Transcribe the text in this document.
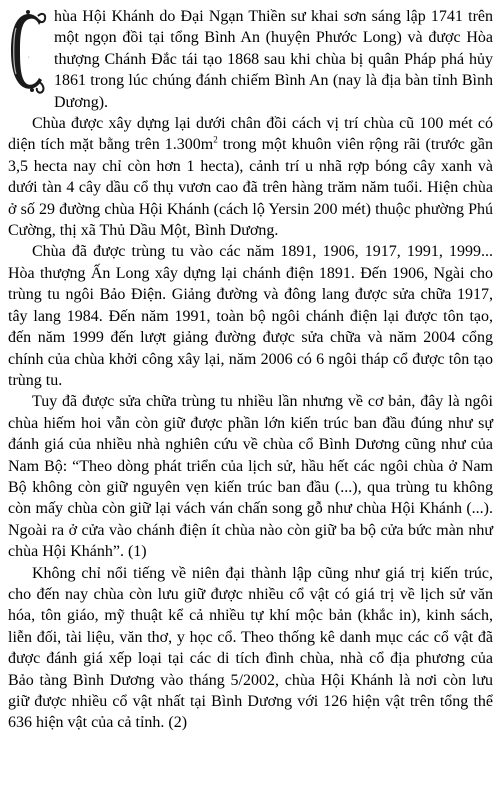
C
hùa Hội Khánh do Đại Ngạn Thiền sư khai sơn sáng lập 1741 trên một ngọn đồi tại tổng Bình An (huyện Phước Long) và được Hòa thượng Chánh Đắc tái tạo 1868 sau khi chùa bị quân Pháp phá hủy 1861 trong lúc chúng đánh chiếm Bình An (nay là địa bàn tỉnh Bình Dương).

Chùa được xây dựng lại dưới chân đồi cách vị trí chùa cũ 100 mét có diện tích mặt bằng trên $1.300m^2$ trong một khuôn viên rộng rãi (trước gần 3,5 hecta nay chỉ còn hơn 1 hecta), cảnh trí u nhã rợp bóng cây xanh và dưới tàn 4 cây dầu cổ thụ vươn cao đã trên hàng trăm năm tuổi. Hiện chùa ở số 29 đường chùa Hội Khánh (cách lộ Yersin 200 mét) thuộc phường Phú Cường, thị xã Thủ Dầu Một, Bình Dương.

Chùa đã được trùng tu vào các năm 1891, 1906, 1917, 1991, 1999... Hòa thượng Ấn Long xây dựng lại chánh điện 1891. Đến 1906, Ngài cho trùng tu ngôi Bảo Điện. Giảng đường và đông lang được sửa chữa 1917, tây lang 1984. Đến năm 1991, toàn bộ ngôi chánh điện lại được tôn tạo, đến năm 1999 đến lượt giảng đường được sửa chữa và năm 2004 cổng chính của chùa khởi công xây lại, năm 2006 có 6 ngôi tháp cổ được tôn tạo trùng tu.

Tuy đã được sửa chữa trùng tu nhiều lần nhưng về cơ bản, đây là ngôi chùa hiếm hoi vẫn còn giữ được phần lớn kiến trúc ban đầu đúng như sự đánh giá của nhiều nhà nghiên cứu về chùa cổ Bình Dương cũng như của Nam Bộ: “Theo dòng phát triển của lịch sử, hầu hết các ngôi chùa ở Nam Bộ không còn giữ nguyên vẹn kiến trúc ban đầu (...), qua trùng tu không còn mấy chùa còn giữ lại vách ván chấn song gỗ như chùa Hội Khánh (...). Ngoài ra ở cửa vào chánh điện ít chùa nào còn giữ ba bộ cửa bức màn như chùa Hội Khánh”. (1)

Không chỉ nổi tiếng về niên đại thành lập cũng như giá trị kiến trúc, cho đến nay chùa còn lưu giữ được nhiều cổ vật có giá trị về lịch sử văn hóa, tôn giáo, mỹ thuật kể cả nhiều tự khí mộc bản (khắc in), kinh sách, liễn đối, tài liệu, văn thơ, y học cổ. Theo thống kê danh mục các cổ vật đã được đánh giá xếp loại tại các di tích đình chùa, nhà cổ địa phương của Bảo tàng Bình Dương vào tháng 5/2002, chùa Hội Khánh là nơi còn lưu giữ được nhiều cổ vật nhất tại Bình Dương với 126 hiện vật trên tổng thể 636 hiện vật của cả tỉnh. (2)
